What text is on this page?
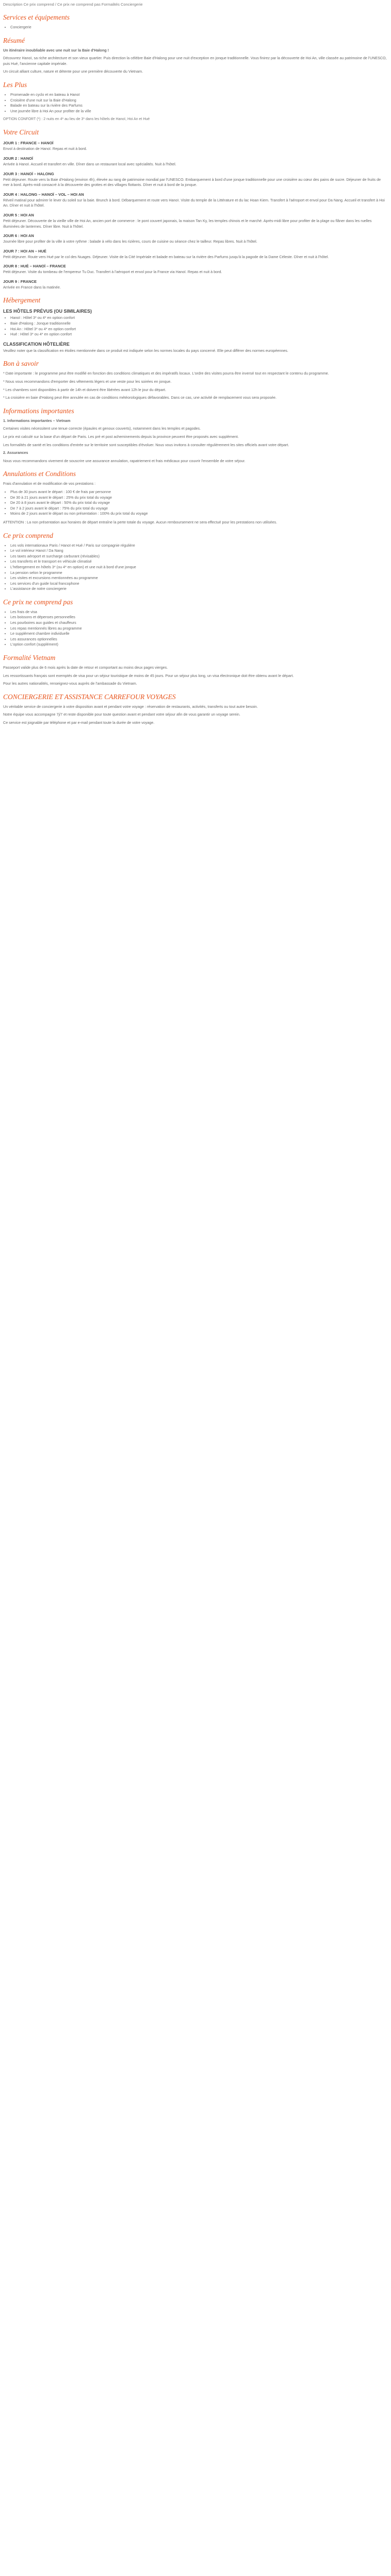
Description Ce prix comprend / Ce prix ne comprend pas Formalités Conciergerie
Services et équipements
• Conciergerie
Résumé

Un itinéraire inoubliable avec une nuit sur la Baie d'Halong !

Découvrez Hanoï, sa riche architecture et son vieux quartier. Puis direction la célèbre Baie d'Halong pour une nuit d'exception en jonque traditionnelle. Vous finirez par la découverte de Hoi An, ville classée au patrimoine de l'UNESCO, puis Hué, l'ancienne capitale impériale.

Un circuit alliant culture, nature et détente pour une première découverte du Vietnam.

Les Plus
• Promenade en cyclo et en bateau à Hanoï
• Croisière d'une nuit sur la Baie d'Halong
• Balade en bateau sur la rivière des Parfums
• Une journée libre à Hoi An pour profiter de la ville

OPTION CONFORT (*) : 2 nuits en 4* au lieu de 3* dans les hôtels de Hanoï, Hoi An et Hué

Votre Circuit
JOUR 1 : FRANCE – HANOÏ

Envol à destination de Hanoï. Repas et nuit à bord.

JOUR 2 : HANOÏ

Arrivée à Hanoï. Accueil et transfert en ville. Dîner dans un restaurant local avec spécialités. Nuit à l'hôtel.

JOUR 3 : HANOÏ – HALONG

Petit déjeuner. Route vers la Baie d'Halong (environ 4h), élevée au rang de patrimoine mondial par l'UNESCO. Embarquement à bord d'une jonque traditionnelle pour une croisière au cœur des pains de sucre. Déjeuner de fruits de mer à bord. Après-midi consacré à la découverte des grottes et des villages flottants. Dîner et nuit à bord de la jonque.

JOUR 4 : HALONG – HANOÏ – VOL – HOI AN

Réveil matinal pour admirer le lever du soleil sur la baie. Brunch à bord. Débarquement et route vers Hanoï. Visite du temple de la Littérature et du lac Hoan Kiem. Transfert à l'aéroport et envol pour Da Nang. Accueil et transfert à Hoi An. Dîner et nuit à l'hôtel.

JOUR 5 : HOI AN

Petit déjeuner. Découverte de la vieille ville de Hoi An, ancien port de commerce : le pont couvert japonais, la maison Tan Ky, les temples chinois et le marché. Après-midi libre pour profiter de la plage ou flâner dans les ruelles illuminées de lanternes. Dîner libre. Nuit à l'hôtel.

JOUR 6 : HOI AN

Journée libre pour profiter de la ville à votre rythme : balade à vélo dans les rizières, cours de cuisine ou séance chez le tailleur. Repas libres. Nuit à l'hôtel.

JOUR 7 : HOI AN – HUÉ

Petit déjeuner. Route vers Hué par le col des Nuages. Déjeuner. Visite de la Cité Impériale et balade en bateau sur la rivière des Parfums jusqu'à la pagode de la Dame Céleste. Dîner et nuit à l'hôtel.

JOUR 8 : HUÉ – HANOÏ – FRANCE

Petit déjeuner. Visite du tombeau de l'empereur Tu Duc. Transfert à l'aéroport et envol pour la France via Hanoï. Repas et nuit à bord.

JOUR 9 : FRANCE

Arrivée en France dans la matinée.

Hébergement
LES HÔTELS PRÉVUS (OU SIMILAIRES)
• Hanoï : Hôtel 3* ou 4* en option confort
• Baie d'Halong : Jonque traditionnelle
• Hoi An : Hôtel 3* ou 4* en option confort
• Hué : Hôtel 3* ou 4* en option confort
CLASSIFICATION HÔTELIÈRE

Veuillez noter que la classification en étoiles mentionnée dans ce produit est indiquée selon les normes locales du pays concerné. Elle peut différer des normes européennes.

Bon à savoir

* Date importante : le programme peut être modifié en fonction des conditions climatiques et des impératifs locaux. L'ordre des visites pourra être inversé tout en respectant le contenu du programme.

* Nous vous recommandons d'emporter des vêtements légers et une veste pour les soirées en jonque.

* Les chambres sont disponibles à partir de 14h et doivent être libérées avant 12h le jour du départ.

* La croisière en baie d'Halong peut être annulée en cas de conditions météorologiques défavorables. Dans ce cas, une activité de remplacement vous sera proposée.

Informations importantes

1. Informations importantes – Vietnam

Certaines visites nécessitent une tenue correcte (épaules et genoux couverts), notamment dans les temples et pagodes.

Le prix est calculé sur la base d'un départ de Paris. Les pré et post acheminements depuis la province peuvent être proposés avec supplément.

Les formalités de santé et les conditions d'entrée sur le territoire sont susceptibles d'évoluer. Nous vous invitons à consulter régulièrement les sites officiels avant votre départ.

2. Assurances

Nous vous recommandons vivement de souscrire une assurance annulation, rapatriement et frais médicaux pour couvrir l'ensemble de votre séjour.

Annulations et Conditions

Frais d'annulation et de modification de vos prestations :

• Plus de 30 jours avant le départ : 100 € de frais par personne
• De 30 à 21 jours avant le départ : 25% du prix total du voyage
• De 20 à 8 jours avant le départ : 50% du prix total du voyage
• De 7 à 2 jours avant le départ : 75% du prix total du voyage
• Moins de 2 jours avant le départ ou non présentation : 100% du prix total du voyage

ATTENTION : La non présentation aux horaires de départ entraîne la perte totale du voyage. Aucun remboursement ne sera effectué pour les prestations non utilisées.

Ce prix comprend
• Les vols internationaux Paris / Hanoï et Hué / Paris sur compagnie régulière
• Le vol intérieur Hanoï / Da Nang
• Les taxes aéroport et surcharge carburant (révisables)
• Les transferts et le transport en véhicule climatisé
• L'hébergement en hôtels 3* (ou 4* en option) et une nuit à bord d'une jonque
• La pension selon le programme
• Les visites et excursions mentionnées au programme
• Les services d'un guide local francophone
• L'assistance de notre conciergerie
Ce prix ne comprend pas
• Les frais de visa
• Les boissons et dépenses personnelles
• Les pourboires aux guides et chauffeurs
• Les repas mentionnés libres au programme
• Le supplément chambre individuelle
• Les assurances optionnelles
• L'option confort (supplément)
Formalité Vietnam

Passeport valide plus de 6 mois après la date de retour et comportant au moins deux pages vierges.

Les ressortissants français sont exemptés de visa pour un séjour touristique de moins de 45 jours. Pour un séjour plus long, un visa électronique doit être obtenu avant le départ.

Pour les autres nationalités, renseignez-vous auprès de l'ambassade du Vietnam.

CONCIERGERIE ET ASSISTANCE CARREFOUR VOYAGES

Un véritable service de conciergerie à votre disposition avant et pendant votre voyage : réservation de restaurants, activités, transferts ou tout autre besoin.

Notre équipe vous accompagne 7j/7 et reste disponible pour toute question avant et pendant votre séjour afin de vous garantir un voyage serein.

Ce service est joignable par téléphone et par e-mail pendant toute la durée de votre voyage.
